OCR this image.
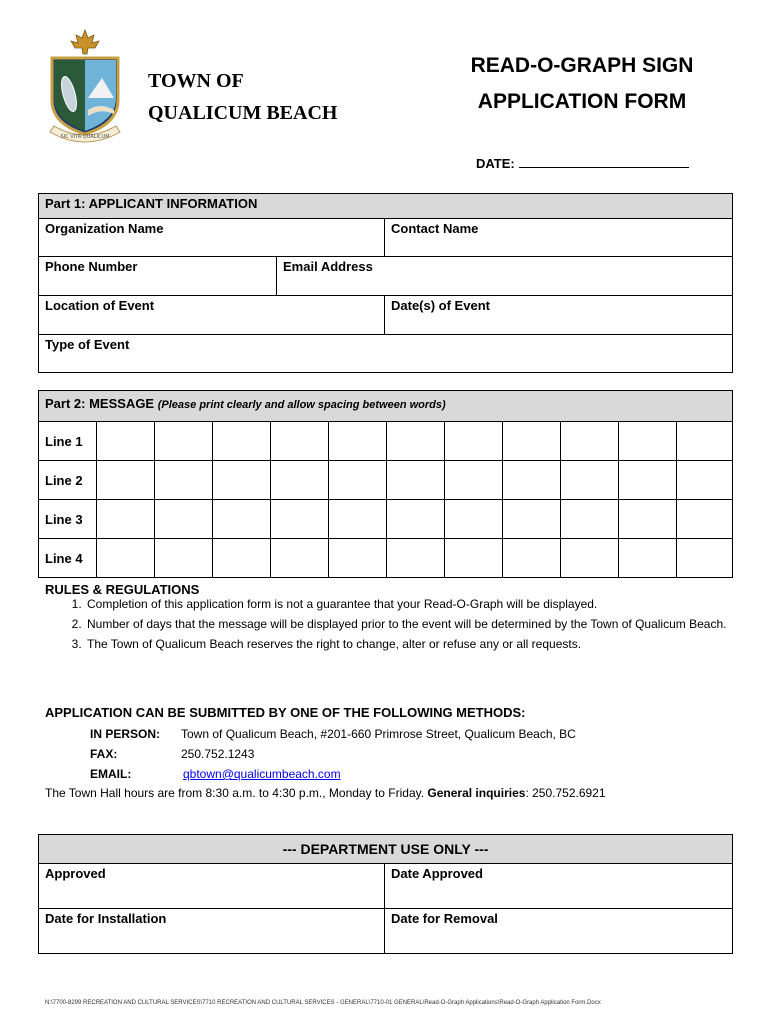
SIC VITA QUALICUM
TOWN OF
QUALICUM BEACH
READ-O-GRAPH SIGN
APPLICATION FORM
DATE:
Part 1: APPLICANT INFORMATION		
Organization Name		Contact Name
Phone Number	Email Address	
Location of Event		Date(s) of Event
Type of Event		
Part 2: MESSAGE (Please print clearly and allow spacing between words)											
Line 1											
Line 2											
Line 3											
Line 4											
RULES & REGULATIONS
1. Completion of this application form is not a guarantee that your Read-O-Graph will be displayed.
2. Number of days that the message will be displayed prior to the event will be determined by the Town of Qualicum Beach.
3. The Town of Qualicum Beach reserves the right to change, alter or refuse any or all requests.
APPLICATION CAN BE SUBMITTED BY ONE OF THE FOLLOWING METHODS:
IN PERSON: Town of Qualicum Beach, #201-660 Primrose Street, Qualicum Beach, BC
FAX:	250.752.1243
EMAIL:	qbtown@qualicumbeach.com
The Town Hall hours are from 8:30 a.m. to 4:30 p.m., Monday to Friday. General inquiries: 250.752.6921
--- DEPARTMENT USE ONLY ---	
Approved	Date Approved
Date for Installation	Date for Removal
N:\7700-8299 RECREATION AND CULTURAL SERVICES\7710 RECREATION AND CULTURAL SERVICES - GENERAL\7710-01 GENERAL\Read-O-Graph Applications\Read-O-Graph Application Form.Docx
